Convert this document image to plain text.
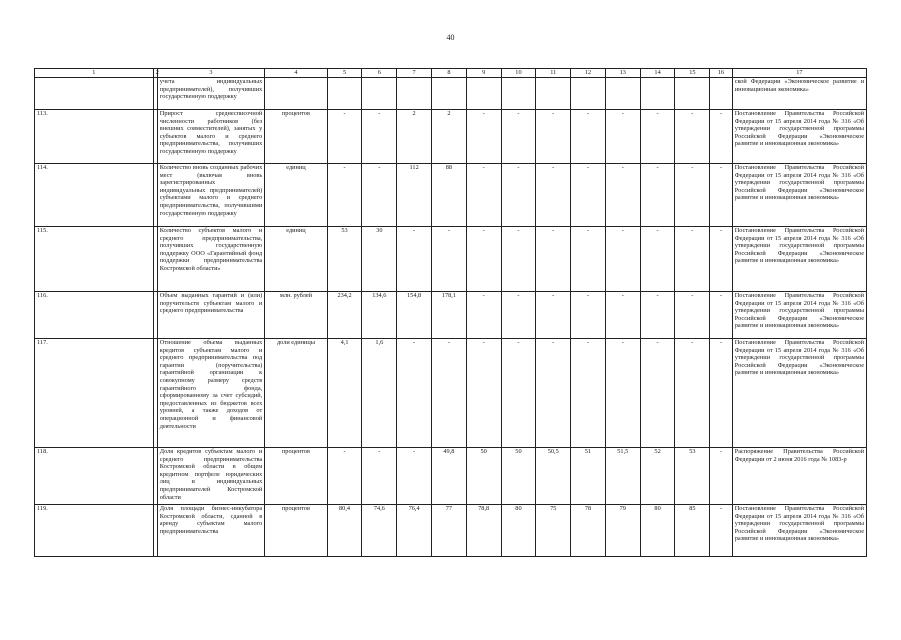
40
1	2	3	4	5	6	7	8	9	10	11	12	13	14	15	16	17
		учета индивидуальных предпринимателей), получивших государственную поддержку														ской Федерации «Экономическое развитие и инновационная экономика»
113.		Прирост среднесписочной численности работников (без внешних совместителей), занятых у субъектов малого и среднего предпринимательства, получивших государственную поддержку	процентов	-	-	2	2	-	-	-	-	-	-	-	-	Постановление Правительства Российской Федерации от 15 апреля 2014 года № 316 «Об утверждении государственной программы Российской Федерации «Экономическое развитие и инновационная экономика»
114.		Количество вновь созданных рабочих мест (включая вновь зарегистрированных индивидуальных предпринимателей) субъектами малого и среднего предпринимательства, получившими государственную поддержку	единиц	-	-	112	88	-	-	-	-	-	-	-	-	Постановление Правительства Российской Федерации от 15 апреля 2014 года № 316 «Об утверждении государственной программы Российской Федерации «Экономическое развитие и инновационная экономика»
115.		Количество субъектов малого и среднего предпринимательства, получивших государственную поддержку ООО «Гарантийный фонд поддержки предпринимательства Костромской области»	единиц	53	30	-	-	-	-	-	-	-	-	-	-	Постановление Правительства Российской Федерации от 15 апреля 2014 года № 316 «Об утверждении государственной программы Российской Федерации «Экономическое развитие и инновационная экономика»
116.		Объем выданных гарантий и (или) поручительств субъектам малого и среднего предпринимательства	млн. рублей	234,2	134,6	154,8	178,1	-	-	-	-	-	-	-	-	Постановление Правительства Российской Федерации от 15 апреля 2014 года № 316 «Об утверждении государственной программы Российской Федерации «Экономическое развитие и инновационная экономика»
117.		Отношение объема выданных кредитов субъектам малого и среднего предпринимательства под гарантии (поручительства) гарантийной организации к совокупному размеру средств гарантийного фонда, сформированному за счет субсидий, предоставленных из бюджетов всех уровней, а также доходов от операционной и финансовой деятельности	доли единицы	4,1	1,6	-	-	-	-	-	-	-	-	-	-	Постановление Правительства Российской Федерации от 15 апреля 2014 года № 316 «Об утверждении государственной программы Российской Федерации «Экономическое развитие и инновационная экономика»
118.		Доля кредитов субъектам малого и среднего предпринимательства Костромской области в общем кредитном портфеле юридических лиц и индивидуальных предпринимателей Костромской области	процентов	-	-	-	49,8	50	50	50,5	51	51,5	52	53	-	Распоряжение Правительства Российской Федерации от 2 июня 2016 года № 1083-р
119.		Доля площади бизнес-инкубатора Костромской области, сданной в аренду субъектам малого предпринимательства	процентов	80,4	74,6	76,4	77	78,8	80	75	78	79	80	85	-	Постановление Правительства Российской Федерации от 15 апреля 2014 года № 316 «Об утверждении государственной программы Российской Федерации «Экономическое развитие и инновационная экономика»
